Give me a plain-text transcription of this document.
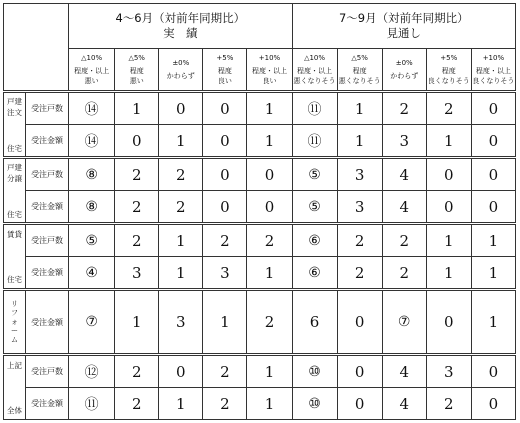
		4～6月（対前年同期比）
実　績					7～9月（対前年同期比）
見通し				

		△10%
程度・以上
悪い	△5%
程度
悪い	±0%
かわらず	+5%
程度
良い	+10%
程度・以上
良い	△10%
程度・以上
悪くなりそう	△5%
程度
悪くなりそう	±0%
かわらず	+5%
程度
良くなりそう	+10%
程度・以上
良くなりそう

戸建
注文
住宅	受注戸数	⑭	1	0	0	1	⑪	1	2	2	0
	受注金額	⑭	0	1	0	1	⑪	1	3	1	0

戸建
分譲
住宅	受注戸数	⑧	2	2	0	0	⑤	3	4	0	0
	受注金額	⑧	2	2	0	0	⑤	3	4	0	0

賃貸
住宅	受注戸数	⑤	2	1	2	2	⑥	2	2	1	1
	受注金額	④	3	1	3	1	⑥	2	2	1	1

リ
フ
ォ
ー
ム	受注金額	⑦	1	3	1	2	6	0	⑦	0	1

上記
全体	受注戸数	⑫	2	0	2	1	⑩	0	4	3	0
	受注金額	⑪	2	1	2	1	⑩	0	4	2	0
